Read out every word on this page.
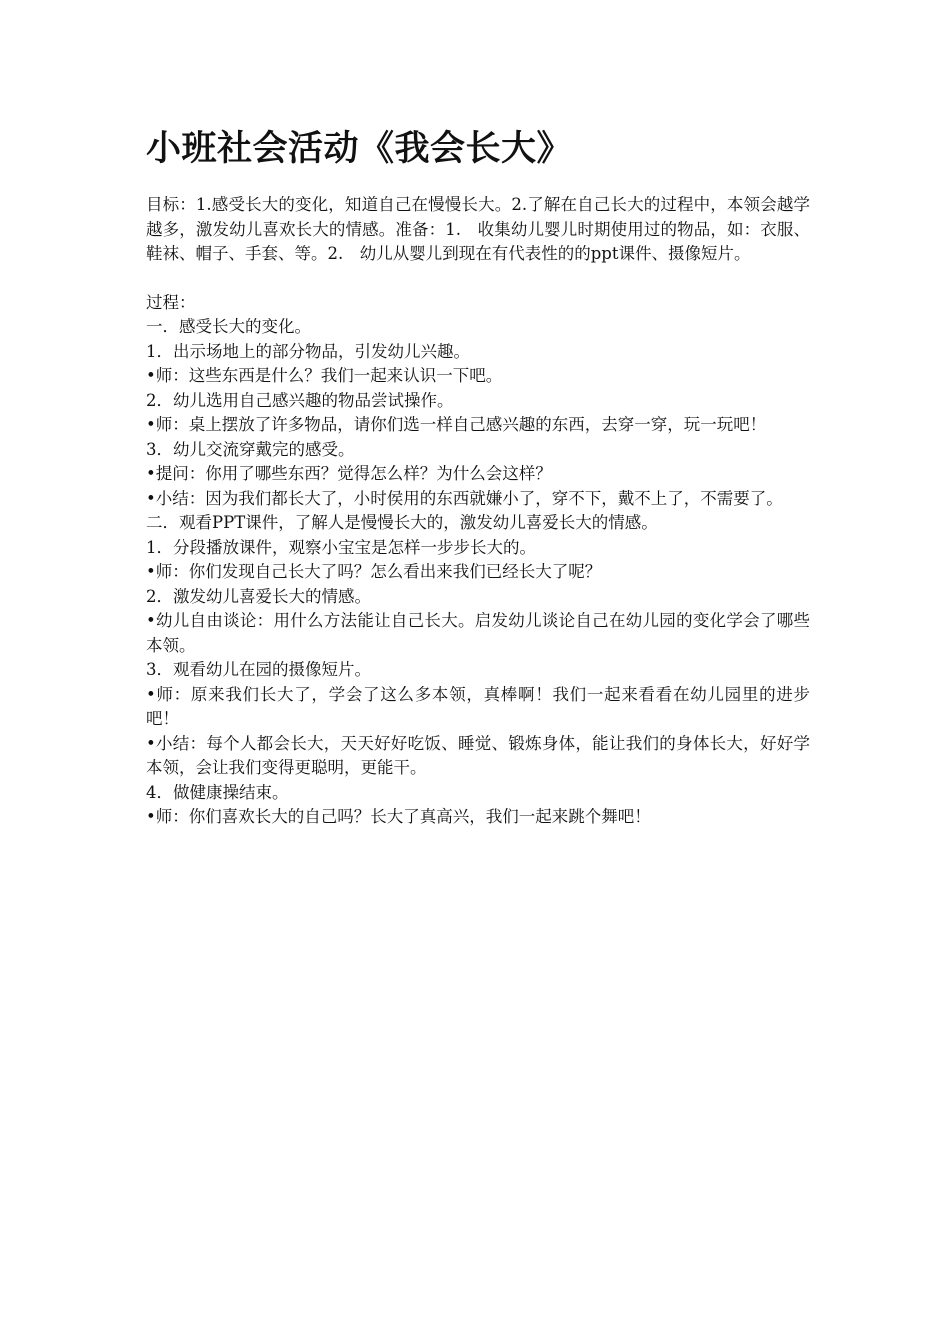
小班社会活动《我会长大》

目标：1.感受长大的变化，知道自己在慢慢长大。2.了解在自己长大的过程中，本领会越学越多，激发幼儿喜欢长大的情感。准备：1.　收集幼儿婴儿时期使用过的物品，如：衣服、鞋袜、帽子、手套、等。2.　幼儿从婴儿到现在有代表性的的ppt课件、摄像短片。

过程：

一．感受长大的变化。

1．出示场地上的部分物品，引发幼儿兴趣。

•师：这些东西是什么？我们一起来认识一下吧。

2．幼儿选用自己感兴趣的物品尝试操作。

•师：桌上摆放了许多物品，请你们选一样自己感兴趣的东西，去穿一穿，玩一玩吧！

3．幼儿交流穿戴完的感受。

•提问：你用了哪些东西？觉得怎么样？为什么会这样？

•小结：因为我们都长大了，小时侯用的东西就嫌小了，穿不下，戴不上了，不需要了。

二．观看PPT课件，了解人是慢慢长大的，激发幼儿喜爱长大的情感。

1．分段播放课件，观察小宝宝是怎样一步步长大的。

•师：你们发现自己长大了吗？怎么看出来我们已经长大了呢？

2．激发幼儿喜爱长大的情感。

•幼儿自由谈论：用什么方法能让自己长大。启发幼儿谈论自己在幼儿园的变化学会了哪些本领。

3．观看幼儿在园的摄像短片。

•师：原来我们长大了，学会了这么多本领，真棒啊！我们一起来看看在幼儿园里的进步吧！

•小结：每个人都会长大，天天好好吃饭、睡觉、锻炼身体，能让我们的身体长大，好好学本领，会让我们变得更聪明，更能干。

4．做健康操结束。

•师：你们喜欢长大的自己吗？长大了真高兴，我们一起来跳个舞吧！
